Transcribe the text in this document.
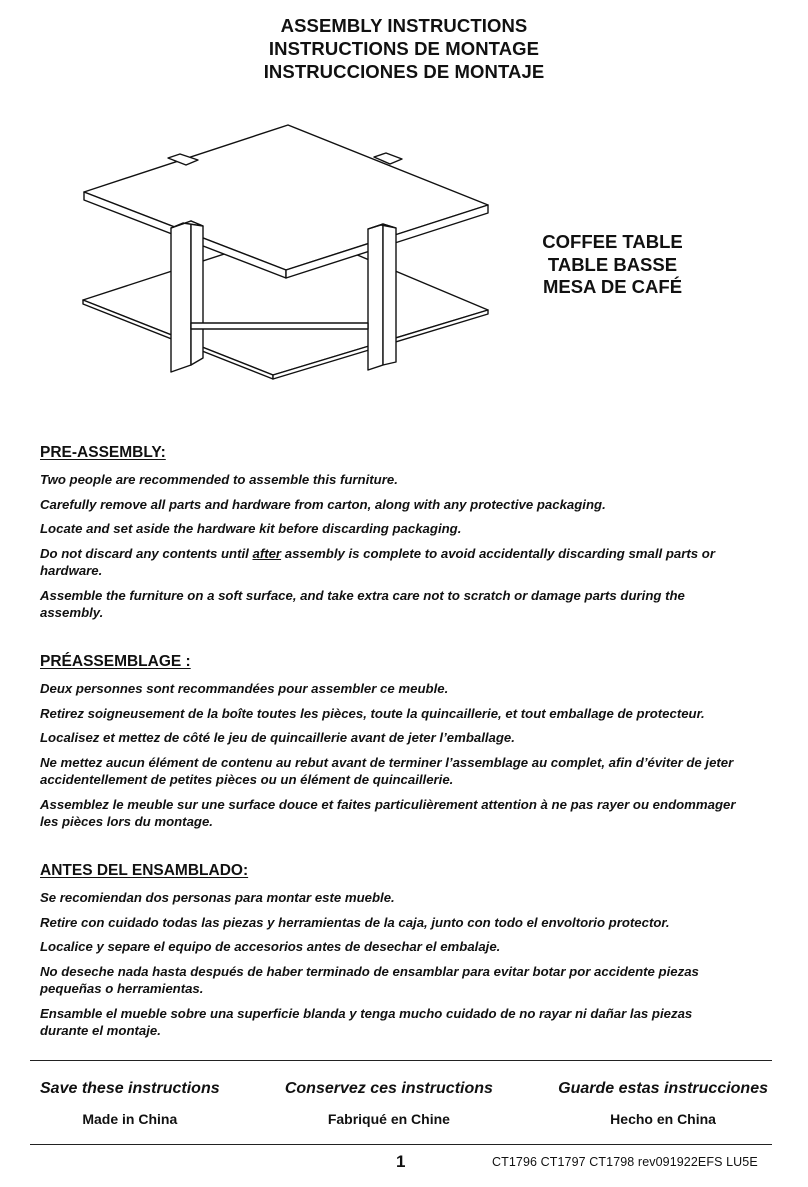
ASSEMBLY INSTRUCTIONS
INSTRUCTIONS DE MONTAGE
INSTRUCCIONES DE MONTAJE
COFFEE TABLE
TABLE BASSE
MESA DE CAFÉ
PRE-ASSEMBLY:

Two people are recommended to assemble this furniture.

Carefully remove all parts and hardware from carton, along with any protective packaging.

Locate and set aside the hardware kit before discarding packaging.

Do not discard any contents until after assembly is complete to avoid accidentally discarding small parts or hardware.

Assemble the furniture on a soft surface, and take extra care not to scratch or damage parts during the assembly.

PRÉASSEMBLAGE :

Deux personnes sont recommandées pour assembler ce meuble.

Retirez soigneusement de la boîte toutes les pièces, toute la quincaillerie, et tout emballage de protecteur.

Localisez et mettez de côté le jeu de quincaillerie avant de jeter l’emballage.

Ne mettez aucun élément de contenu au rebut avant de terminer l’assemblage au complet, afin d’éviter de jeter accidentellement de petites pièces ou un élément de quincaillerie.

Assemblez le meuble sur une surface douce et faites particulièrement attention à ne pas rayer ou endommager les pièces lors du montage.

ANTES DEL ENSAMBLADO:

Se recomiendan dos personas para montar este mueble.

Retire con cuidado todas las piezas y herramientas de la caja, junto con todo el envoltorio protector.

Localice y separe el equipo de accesorios antes de desechar el embalaje.

No deseche nada hasta después de haber terminado de ensamblar para evitar botar por accidente piezas pequeñas o herramientas.

Ensamble el mueble sobre una superficie blanda y tenga mucho cuidado de no rayar ni dañar las piezas durante el montaje.

Save these instructions
Made in China
Conservez ces instructions
Fabriqué en Chine
Guarde estas instrucciones
Hecho en China
1	CT1796 CT1797 CT1798 rev091922EFS LU5E
